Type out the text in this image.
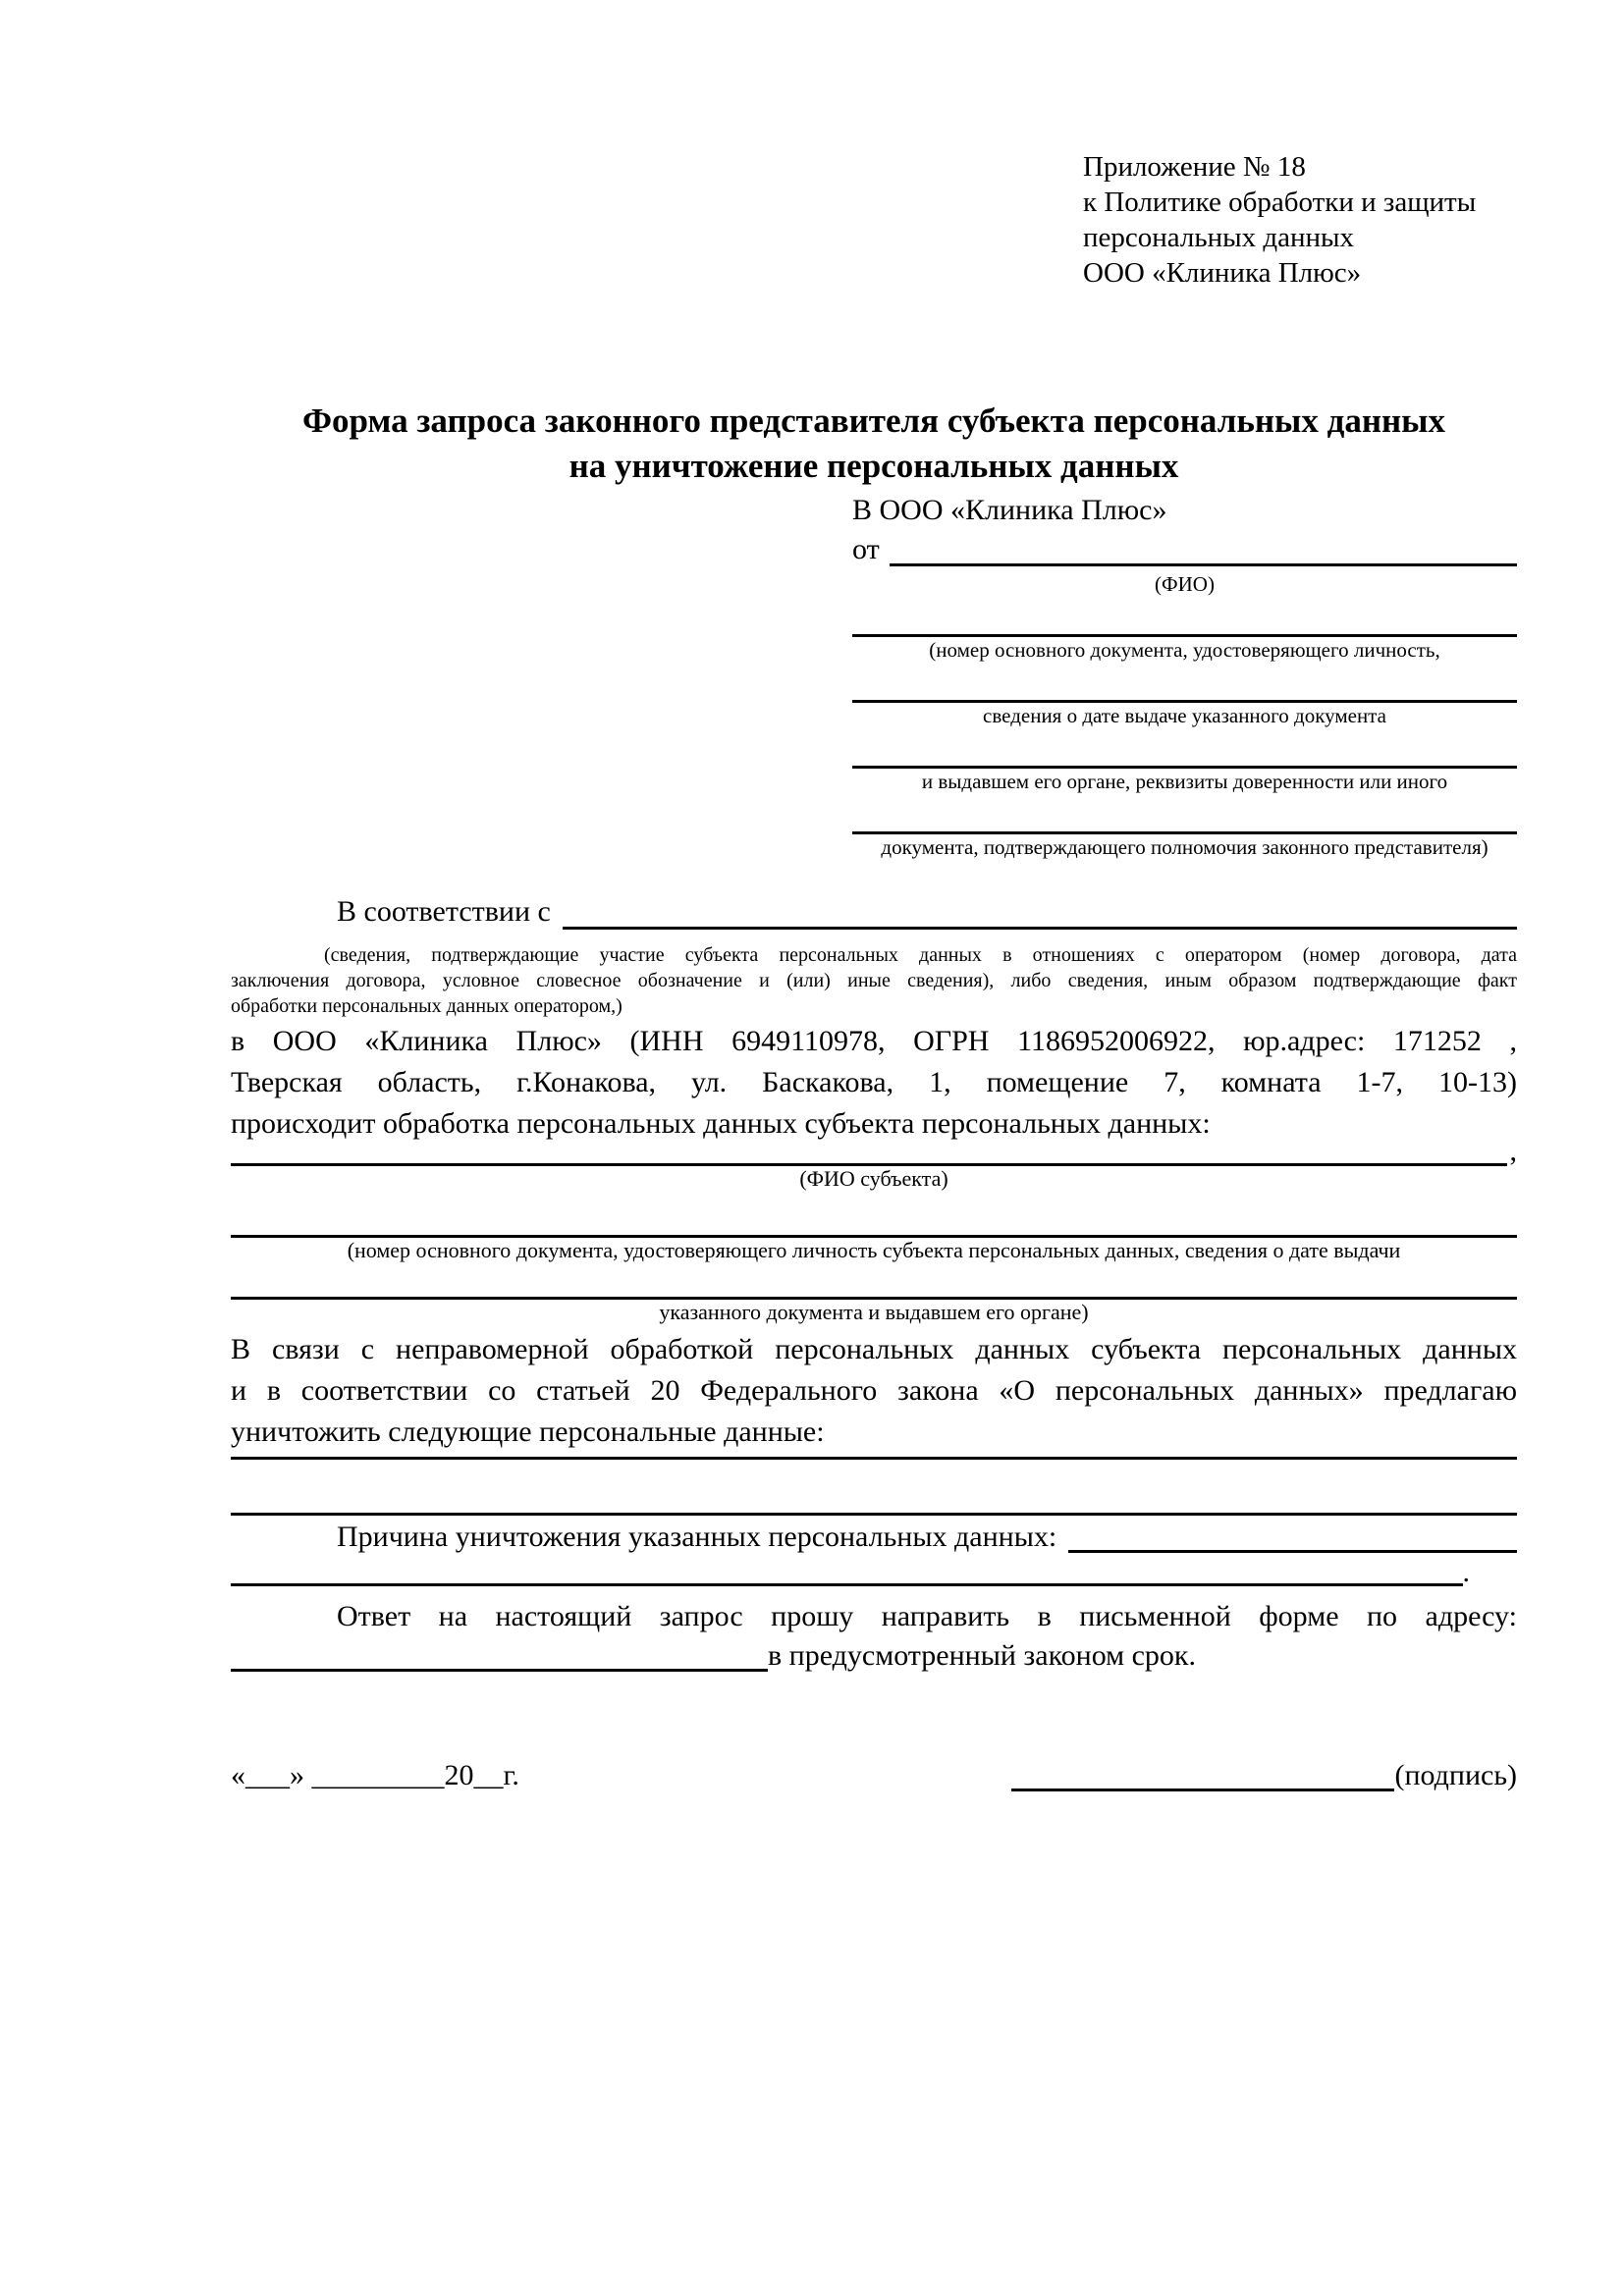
Приложение № 18
к Политике обработки и защиты
персональных данных
ООО «Клиника Плюс»
Форма запроса законного представителя субъекта персональных данных
на уничтожение персональных данных
В ООО «Клиника Плюс»
от
(ФИО)
(номер основного документа, удостоверяющего личность,
сведения о дате выдаче указанного документа
и выдавшем его органе, реквизиты доверенности или иного
документа, подтверждающего полномочия законного представителя)
В соответствии с
(сведения, подтверждающие участие субъекта персональных данных в отношениях с оператором (номер договора, дата
заключения договора, условное словесное обозначение и (или) иные сведения), либо сведения, иным образом подтверждающие факт
обработки персональных данных оператором,)
в ООО «Клиника Плюс» (ИНН 6949110978, ОГРН 1186952006922, юр.адрес: 171252 ,
Тверская область, г.Конакова, ул. Баскакова, 1, помещение 7, комната 1-7, 10-13)
происходит обработка персональных данных субъекта персональных данных:
,
(ФИО субъекта)
(номер основного документа, удостоверяющего личность субъекта персональных данных, сведения о дате выдачи
указанного документа и выдавшем его органе)
В связи с неправомерной обработкой персональных данных субъекта персональных данных
и в соответствии со статьей 20 Федерального закона «О персональных данных» предлагаю
уничтожить следующие персональные данные:
Причина уничтожения указанных персональных данных:
.
Ответ на настоящий запрос прошу направить в письменной форме по адресу:
в предусмотренный законом срок.
«___» _________20__г.	(подпись)
